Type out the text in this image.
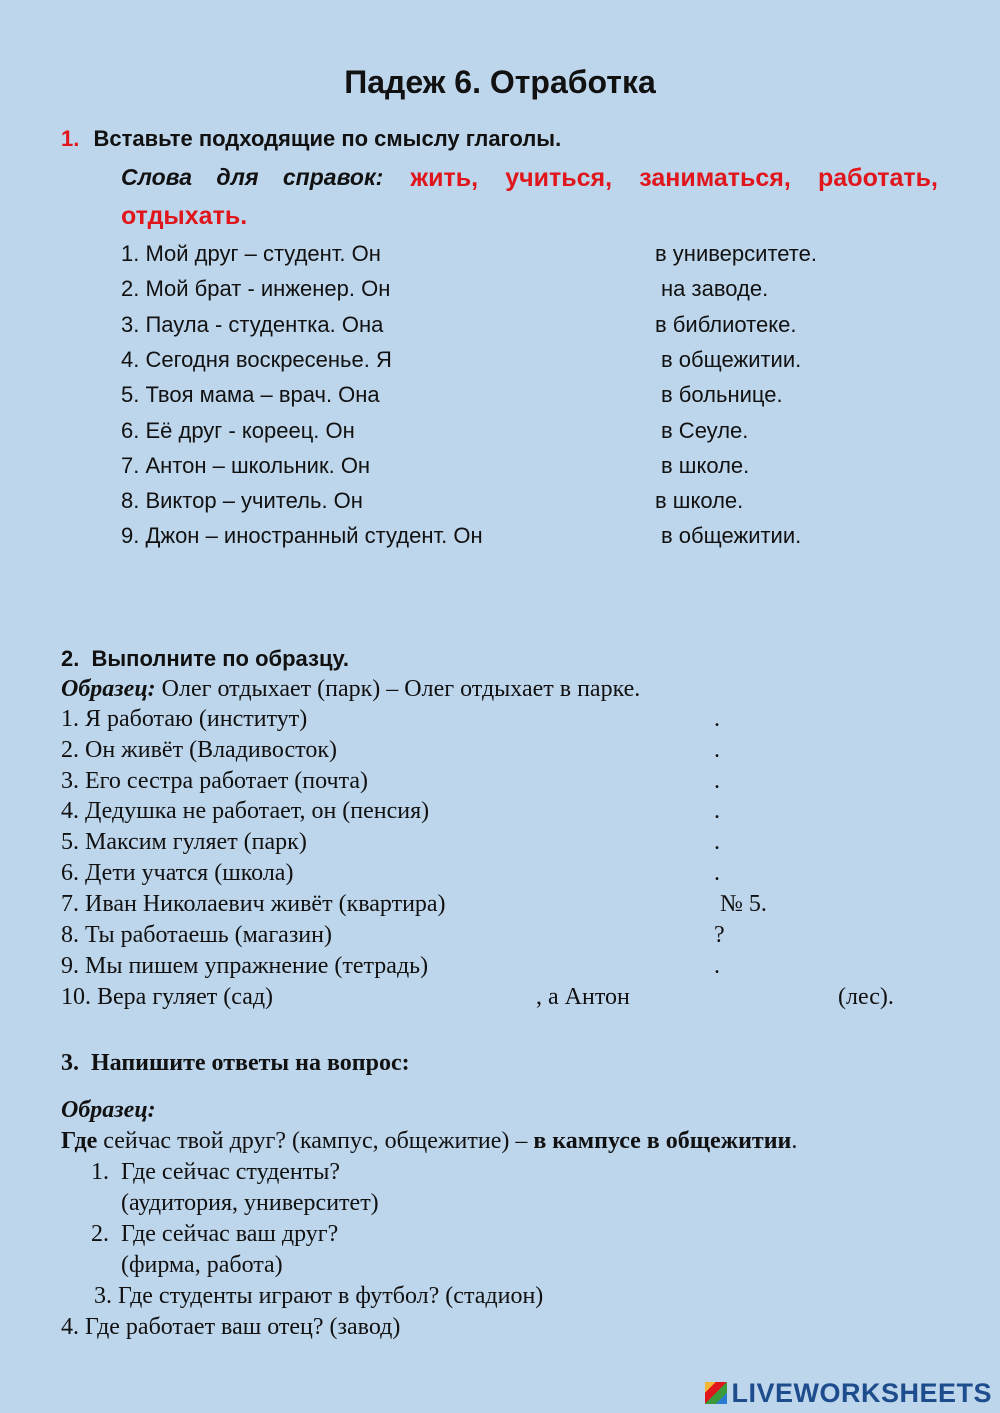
Падеж 6. Отработка
1. Вставьте подходящие по смыслу глаголы.
Слова для справок: жить, учиться, заниматься, работать,
отдыхать.
1. Мой друг – студент. Он	в университете.
2. Мой брат - инженер. Он	на заводе.
3. Паула - студентка. Она	в библиотеке.
4. Сегодня воскресенье. Я	в общежитии.
5. Твоя мама – врач. Она	в больнице.
6. Её друг - кореец. Он	в Сеуле.
7. Антон – школьник. Он	в школе.
8. Виктор – учитель. Он	в школе.
9. Джон – иностранный студент. Он	в общежитии.
2. Выполните по образцу.
Образец: Олег отдыхает (парк) – Олег отдыхает в парке.
1. Я работаю (институт)	.
2. Он живёт (Владивосток)	.
3. Его сестра работает (почта)	.
4. Дедушка не работает, он (пенсия)	.
5. Максим гуляет (парк)	.
6. Дети учатся (школа)	.
7. Иван Николаевич живёт (квартира)	№ 5.
8. Ты работаешь (магазин)	?
9. Мы пишем упражнение (тетрадь)	.
10. Вера гуляет (сад)	, а Антон	(лес).
3. Напишите ответы на вопрос:
Образец:
Где сейчас твой друг? (кампус, общежитие) – в кампусе в общежитии.
1. Где сейчас студенты?
(аудитория, университет)
2. Где сейчас ваш друг?
(фирма, работа)
3. Где студенты играют в футбол? (стадион)
4. Где работает ваш отец? (завод)
LIVEWORKSHEETS
